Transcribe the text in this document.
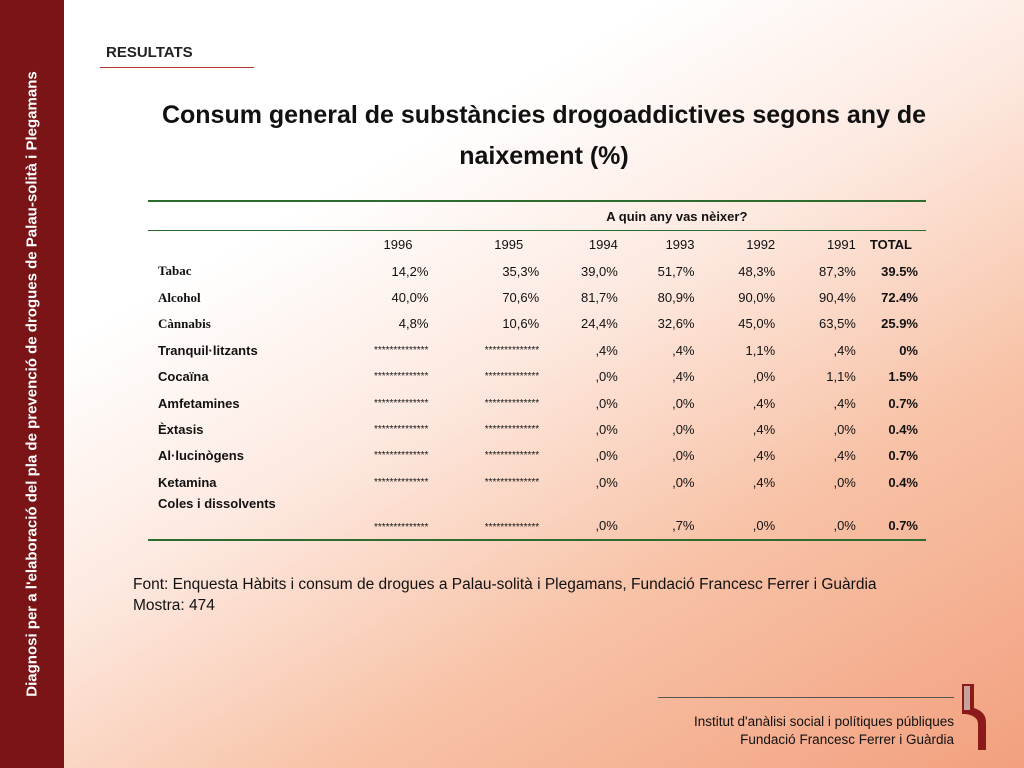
Diagnosi per a l'elaboració del pla de prevenció de drogues de Palau-solità i Plegamans
RESULTATS
Consum general de substàncies drogoaddictives segons any de naixement (%)
	A quin any vas nèixer?						
	1996	1995	1994	1993	1992	1991	TOTAL
Tabac	14,2%	35,3%	39,0%	51,7%	48,3%	87,3%	39.5%
Alcohol	40,0%	70,6%	81,7%	80,9%	90,0%	90,4%	72.4%
Cànnabis	4,8%	10,6%	24,4%	32,6%	45,0%	63,5%	25.9%
Tranquil·litzants	**************	**************	,4%	,4%	1,1%	,4%	0%
Cocaïna	**************	**************	,0%	,4%	,0%	1,1%	1.5%
Amfetamines	**************	**************	,0%	,0%	,4%	,4%	0.7%
Èxtasis	**************	**************	,0%	,0%	,4%	,0%	0.4%
Al·lucinògens	**************	**************	,0%	,0%	,4%	,4%	0.7%
Ketamina	**************	**************	,0%	,0%	,4%	,0%	0.4%
Coles i dissolvents	**************	**************	,0%	,7%	,0%	,0%	0.7%
Font: Enquesta Hàbits i consum de drogues a Palau-solità i Plegamans, Fundació Francesc Ferrer i Guàrdia
Mostra: 474
Institut d'anàlisi social i polítiques públiques
Fundació Francesc Ferrer i Guàrdia
